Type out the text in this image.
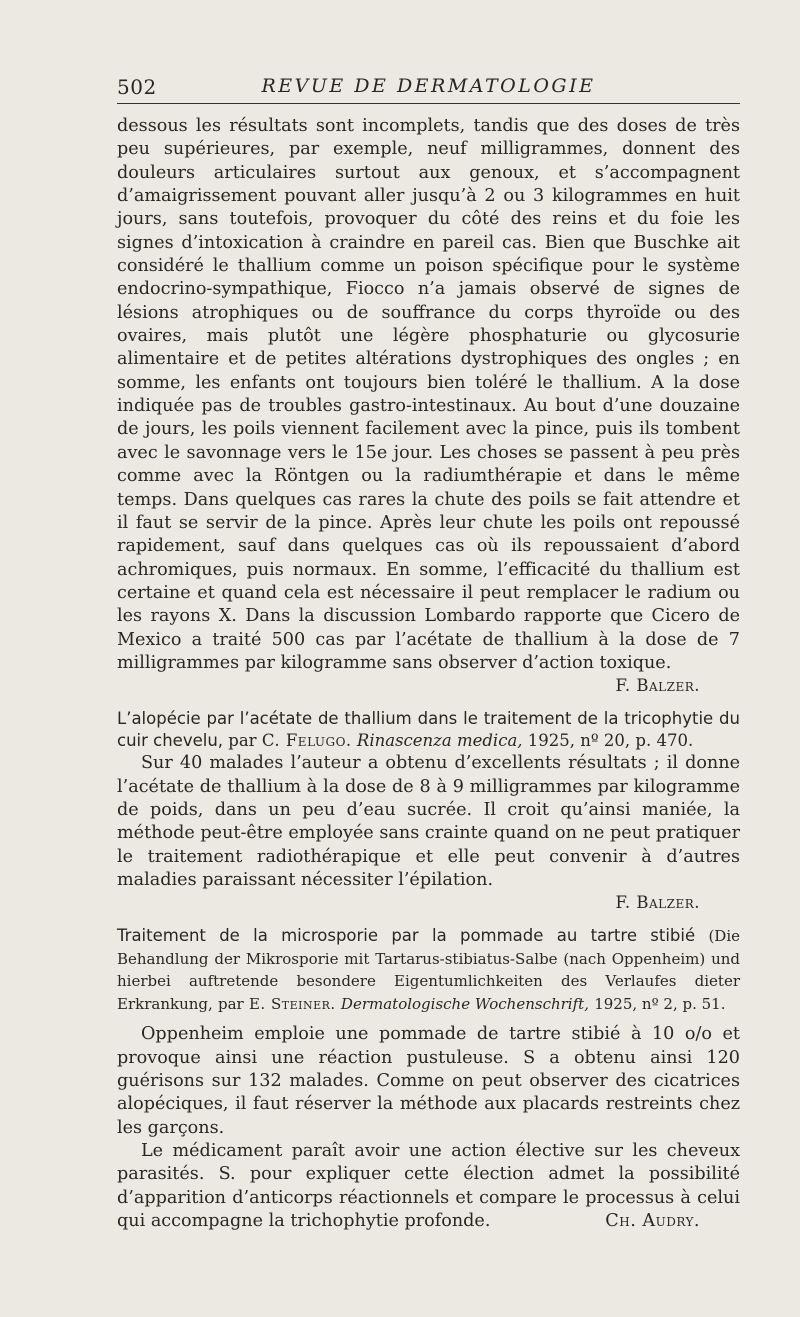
502	REVUE DE DERMATOLOGIE

dessous les résultats sont incomplets, tandis que des doses de très peu supérieures, par exemple, neuf milligrammes, donnent des douleurs articulaires surtout aux genoux, et s’accompagnent d’amaigrissement pouvant aller jusqu’à 2 ou 3 kilogrammes en huit jours, sans toutefois, provoquer du côté des reins et du foie les signes d’intoxication à craindre en pareil cas. Bien que Buschke ait considéré le thallium comme un poison spécifique pour le système endocrino-sympathique, Fiocco n’a jamais observé de signes de lésions atrophiques ou de souffrance du corps thyroïde ou des ovaires, mais plutôt une légère phosphaturie ou glycosurie alimentaire et de petites altérations dystrophiques des ongles ; en somme, les enfants ont toujours bien toléré le thallium. A la dose indiquée pas de troubles gastro-intestinaux. Au bout d’une douzaine de jours, les poils viennent facilement avec la pince, puis ils tombent avec le savonnage vers le 15e jour. Les choses se passent à peu près comme avec la Röntgen ou la radiumthérapie et dans le même temps. Dans quelques cas rares la chute des poils se fait attendre et il faut se servir de la pince. Après leur chute les poils ont repoussé rapidement, sauf dans quelques cas où ils repoussaient d’abord achromiques, puis normaux. En somme, l’efficacité du thallium est certaine et quand cela est nécessaire il peut remplacer le radium ou les rayons X. Dans la discussion Lombardo rapporte que Cicero de Mexico a traité 500 cas par l’acétate de thallium à la dose de 7 milligrammes par kilogramme sans observer d’action toxique.

F. Balzer.

L’alopécie par l’acétate de thallium dans le traitement de la tricophytie du cuir chevelu, par C. Felugo. Rinascenza medica, 1925, nº 20, p. 470.

Sur 40 malades l’auteur a obtenu d’excellents résultats ; il donne l’acétate de thallium à la dose de 8 à 9 milligrammes par kilogramme de poids, dans un peu d’eau sucrée. Il croit qu’ainsi maniée, la méthode peut-être employée sans crainte quand on ne peut pratiquer le traitement radiothérapique et elle peut convenir à d’autres maladies paraissant nécessiter l’épilation.

F. Balzer.

Traitement de la microsporie par la pommade au tartre stibié (Die Behandlung der Mikrosporie mit Tartarus-stibiatus-Salbe (nach Oppenheim) und hierbei auftretende besondere Eigentumlichkeiten des Verlaufes dieter Erkrankung, par E. Steiner. Dermatologische Wochenschrift, 1925, nº 2, p. 51.

Oppenheim emploie une pommade de tartre stibié à 10 o/o et provoque ainsi une réaction pustuleuse. S a obtenu ainsi 120 guérisons sur 132 malades. Comme on peut observer des cicatrices alopéciques, il faut réserver la méthode aux placards restreints chez les garçons.

Le médicament paraît avoir une action élective sur les cheveux parasités. S. pour expliquer cette élection admet la possibilité d’apparition d’anticorps réactionnels et compare le processus à celui qui accompagne la trichophytie profonde.	Ch. Audry.
